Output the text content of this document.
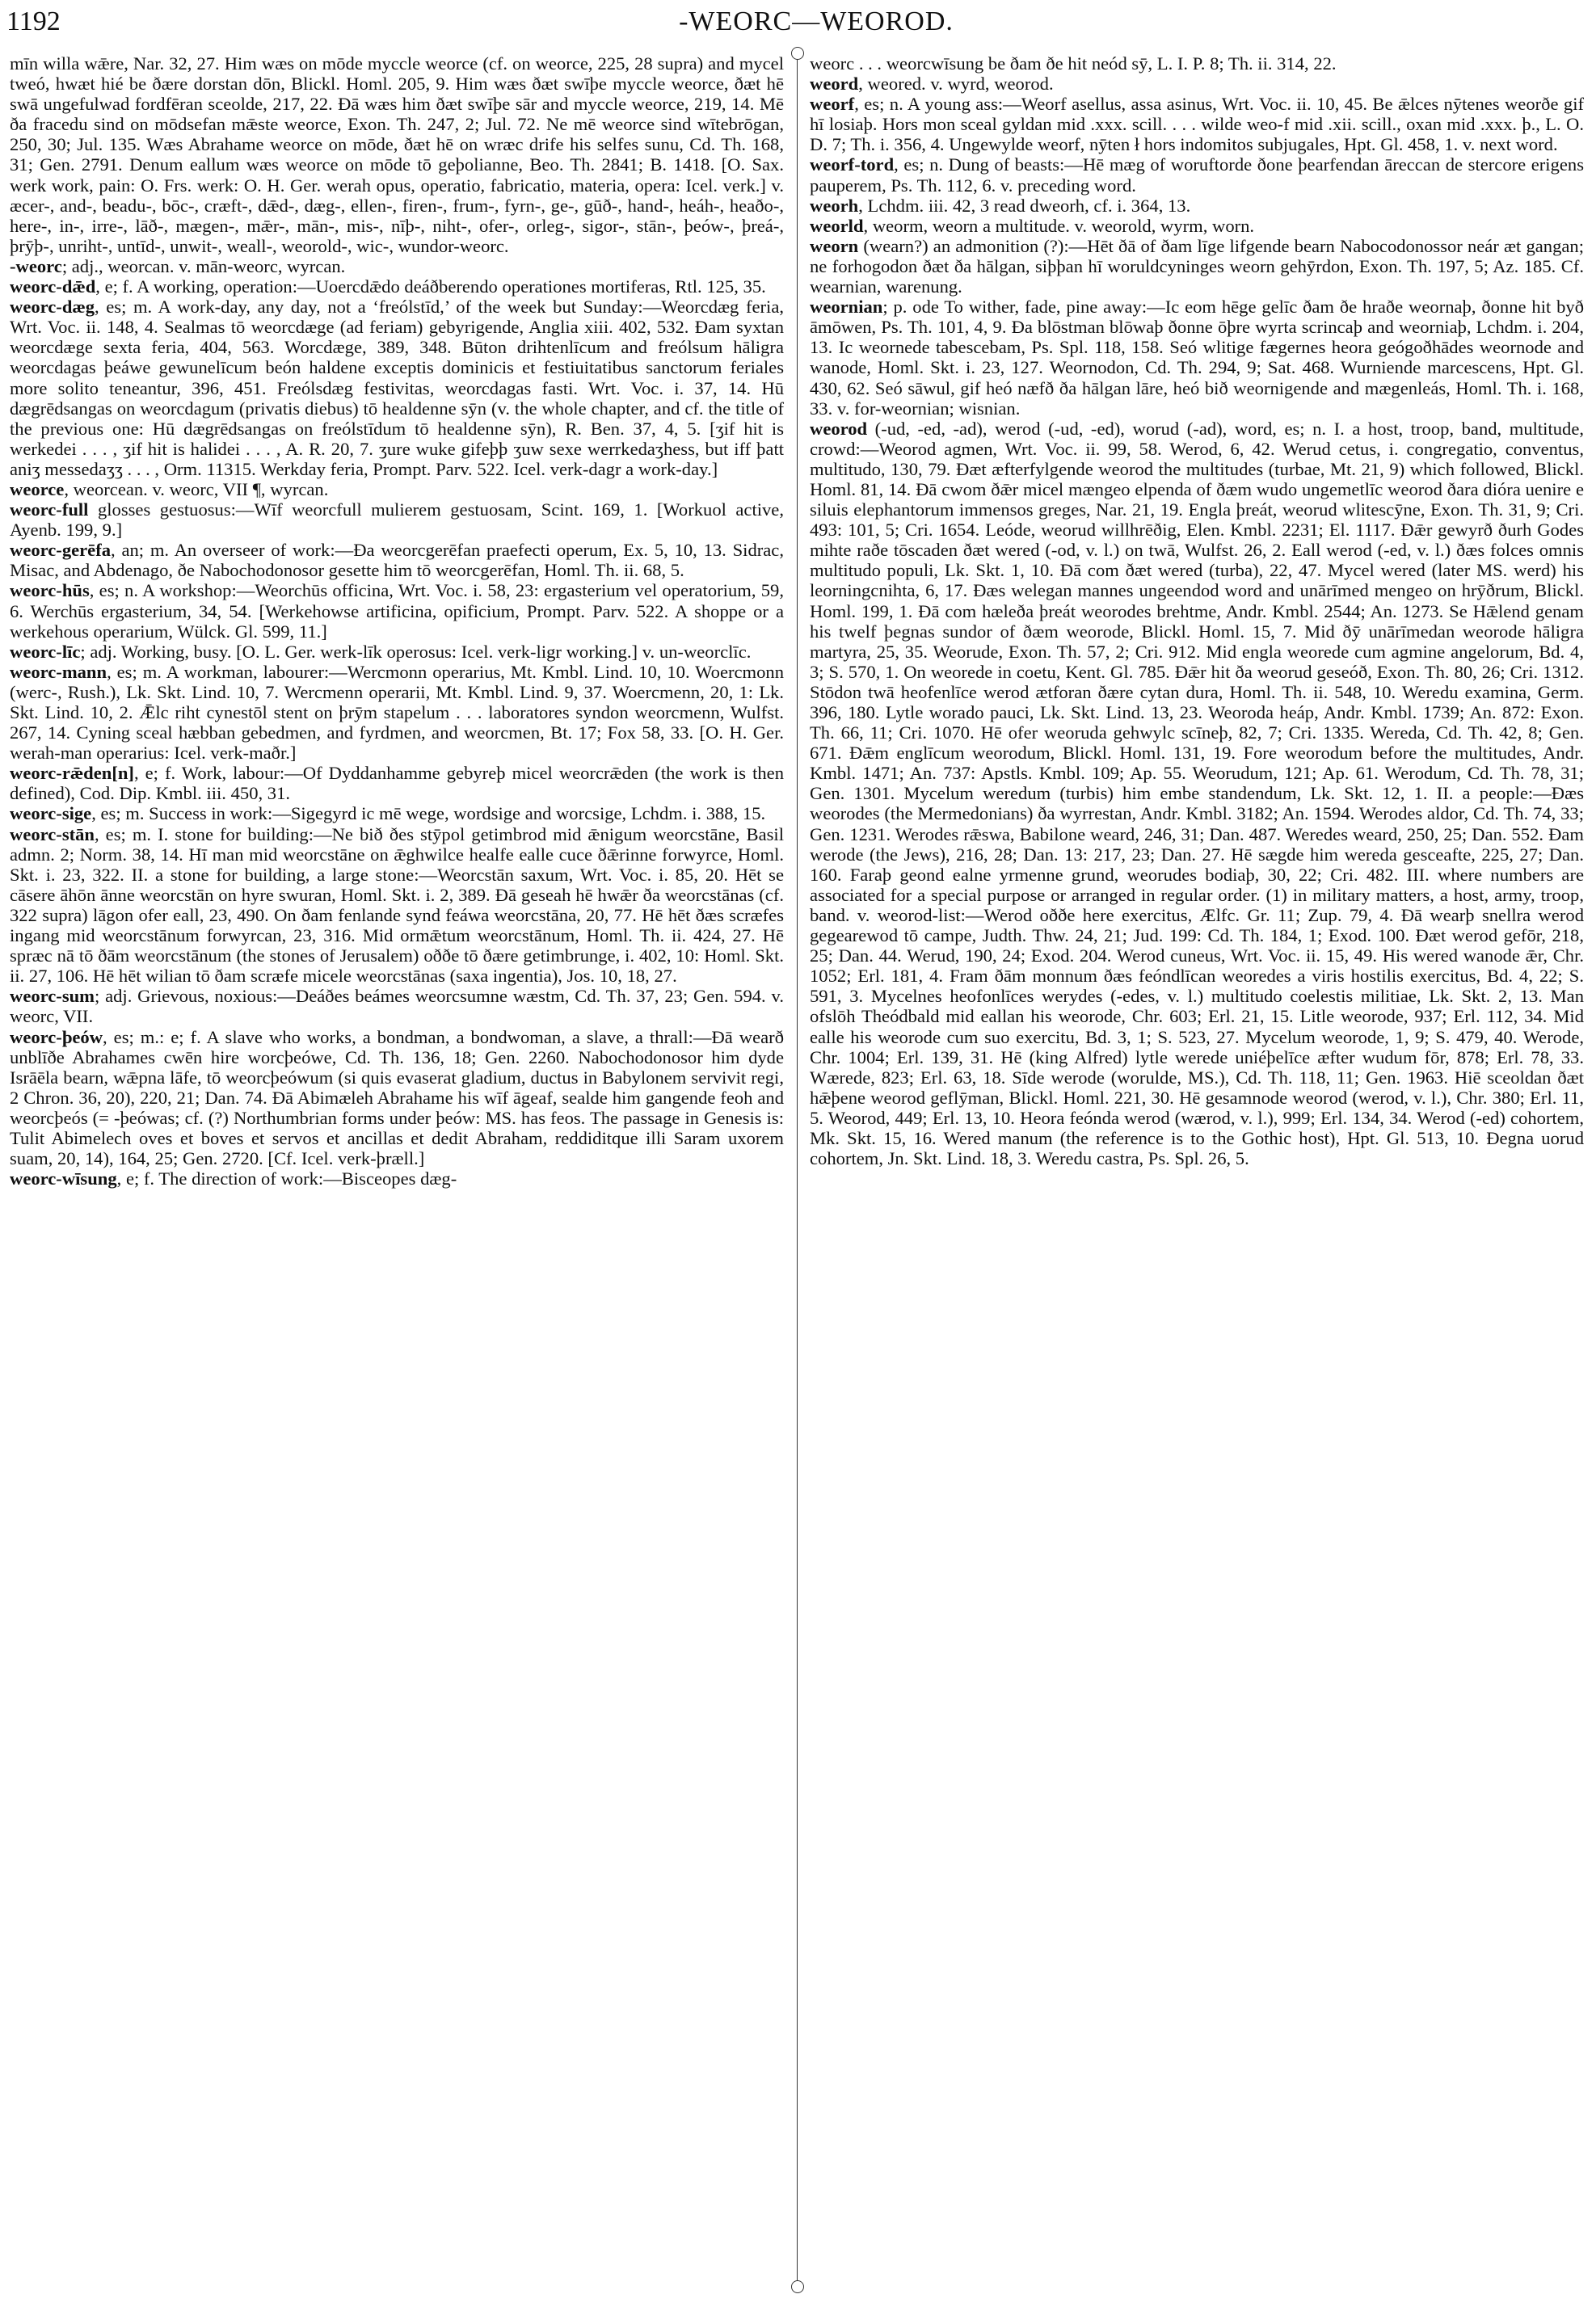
1192	-WEORC—WEOROD.

mīn willa wǣre, Nar. 32, 27. Him wæs on mōde myccle weorce (cf. on weorce, 225, 28 supra) and mycel tweó, hwæt hié be ðære dorstan dōn, Blickl. Homl. 205, 9. Him wæs ðæt swīþe myccle weorce, ðæt hē swā ungefulwad fordfēran sceolde, 217, 22. Ðā wæs him ðæt swīþe sār and myccle weorce, 219, 14. Mē ða fracedu sind on mōdsefan mǣste weorce, Exon. Th. 247, 2; Jul. 72. Ne mē weorce sind wītebrōgan, 250, 30; Jul. 135. Wæs Abrahame weorce on mōde, ðæt hē on wræc drife his selfes sunu, Cd. Th. 168, 31; Gen. 2791. Denum eallum wæs weorce on mōde tō geþolianne, Beo. Th. 2841; B. 1418. [O. Sax. werk work, pain: O. Frs. werk: O. H. Ger. werah opus, operatio, fabricatio, materia, opera: Icel. verk.] v. æcer-, and-, beadu-, bōc-, cræft-, dǣd-, dæg-, ellen-, firen-, frum-, fyrn-, ge-, gūð-, hand-, heáh-, heaðo-, here-, in-, irre-, lāð-, mægen-, mǣr-, mān-, mis-, nīþ-, niht-, ofer-, orleg-, sigor-, stān-, þeów-, þreá-, þrȳþ-, unriht-, untīd-, unwit-, weall-, weorold-, wic-, wundor-weorc.

-weorc; adj., weorcan. v. mān-weorc, wyrcan.

weorc-dǣd, e; f. A working, operation:—Uoercdǣdo deáðberendo operationes mortiferas, Rtl. 125, 35.

weorc-dæg, es; m. A work-day, any day, not a ‘freólstīd,’ of the week but Sunday:—Weorcdæg feria, Wrt. Voc. ii. 148, 4. Sealmas tō weorcdæge (ad feriam) gebyrigende, Anglia xiii. 402, 532. Ðam syxtan weorcdæge sexta feria, 404, 563. Worcdæge, 389, 348. Būton drihtenlīcum and freólsum hāligra weorcdagas þeáwe gewunelīcum beón haldene exceptis dominicis et festiuitatibus sanctorum feriales more solito teneantur, 396, 451. Freólsdæg festivitas, weorcdagas fasti. Wrt. Voc. i. 37, 14. Hū dægrēdsangas on weorcdagum (privatis diebus) tō healdenne sȳn (v. the whole chapter, and cf. the title of the previous one: Hū dægrēdsangas on freólstīdum tō healdenne sȳn), R. Ben. 37, 4, 5. [ʒif hit is werkedei . . . , ʒif hit is halidei . . . , A. R. 20, 7. ʒure wuke gifeþþ ʒuw sexe werrkedaʒhess, but iff þatt aniʒ messedaʒʒ . . . , Orm. 11315. Werkday feria, Prompt. Parv. 522. Icel. verk-dagr a work-day.]

weorce, weorcean. v. weorc, VII ¶, wyrcan.

weorc-full glosses gestuosus:—Wīf weorcfull mulierem gestuosam, Scint. 169, 1. [Workuol active, Ayenb. 199, 9.]

weorc-gerēfa, an; m. An overseer of work:—Ða weorcgerēfan praefecti operum, Ex. 5, 10, 13. Sidrac, Misac, and Abdenago, ðe Nabochodonosor gesette him tō weorcgerēfan, Homl. Th. ii. 68, 5.

weorc-hūs, es; n. A workshop:—Weorchūs officina, Wrt. Voc. i. 58, 23: ergasterium vel operatorium, 59, 6. Werchūs ergasterium, 34, 54. [Werkehowse artificina, opificium, Prompt. Parv. 522. A shoppe or a werkehous operarium, Wülck. Gl. 599, 11.]

weorc-līc; adj. Working, busy. [O. L. Ger. werk-līk operosus: Icel. verk-ligr working.] v. un-weorclīc.

weorc-mann, es; m. A workman, labourer:—Wercmonn operarius, Mt. Kmbl. Lind. 10, 10. Woercmonn (werc-, Rush.), Lk. Skt. Lind. 10, 7. Wercmenn operarii, Mt. Kmbl. Lind. 9, 37. Woercmenn, 20, 1: Lk. Skt. Lind. 10, 2. Ǣlc riht cynestōl stent on þrȳm stapelum . . . laboratores syndon weorcmenn, Wulfst. 267, 14. Cyning sceal hæbban gebedmen, and fyrdmen, and weorcmen, Bt. 17; Fox 58, 33. [O. H. Ger. werah-man operarius: Icel. verk-maðr.]

weorc-rǣden[n], e; f. Work, labour:—Of Dyddanhamme gebyreþ micel weorcrǣden (the work is then defined), Cod. Dip. Kmbl. iii. 450, 31.

weorc-sige, es; m. Success in work:—Sigegyrd ic mē wege, wordsige and worcsige, Lchdm. i. 388, 15.

weorc-stān, es; m. I. stone for building:—Ne bið ðes stȳpol getimbrod mid ǣnigum weorcstāne, Basil admn. 2; Norm. 38, 14. Hī man mid weorcstāne on ǣghwilce healfe ealle cuce ðǣrinne forwyrce, Homl. Skt. i. 23, 322. II. a stone for building, a large stone:—Weorcstān saxum, Wrt. Voc. i. 85, 20. Hēt se cāsere āhōn ānne weorcstān on hyre swuran, Homl. Skt. i. 2, 389. Ðā geseah hē hwǣr ða weorcstānas (cf. 322 supra) lāgon ofer eall, 23, 490. On ðam fenlande synd feáwa weorcstāna, 20, 77. Hē hēt ðæs scræfes ingang mid weorcstānum forwyrcan, 23, 316. Mid ormǣtum weorcstānum, Homl. Th. ii. 424, 27. Hē spræc nā tō ðām weorcstānum (the stones of Jerusalem) oððe tō ðære getimbrunge, i. 402, 10: Homl. Skt. ii. 27, 106. Hē hēt wilian tō ðam scræfe micele weorcstānas (saxa ingentia), Jos. 10, 18, 27.

weorc-sum; adj. Grievous, noxious:—Deáðes beámes weorcsumne wæstm, Cd. Th. 37, 23; Gen. 594. v. weorc, VII.

weorc-þeów, es; m.: e; f. A slave who works, a bondman, a bondwoman, a slave, a thrall:—Ðā wearð unblīðe Abrahames cwēn hire worcþeówe, Cd. Th. 136, 18; Gen. 2260. Nabochodonosor him dyde Isrāēla bearn, wǣpna lāfe, tō weorcþeówum (si quis evaserat gladium, ductus in Babylonem servivit regi, 2 Chron. 36, 20), 220, 21; Dan. 74. Ðā Abimæleh Abrahame his wīf āgeaf, sealde him gangende feoh and weorcþeós (= -þeówas; cf. (?) Northumbrian forms under þeów: MS. has feos. The passage in Genesis is: Tulit Abimelech oves et boves et servos et ancillas et dedit Abraham, reddiditque illi Saram uxorem suam, 20, 14), 164, 25; Gen. 2720. [Cf. Icel. verk-þræll.]

weorc-wīsung, e; f. The direction of work:—Bisceopes dæg-

weorc . . . weorcwīsung be ðam ðe hit neód sȳ, L. I. P. 8; Th. ii. 314, 22.

weord, weored. v. wyrd, weorod.

weorf, es; n. A young ass:—Weorf asellus, assa asinus, Wrt. Voc. ii. 10, 45. Be ǣlces nȳtenes weorðe gif hī losiaþ. Hors mon sceal gyldan mid .xxx. scill. . . . wilde weo-f mid .xii. scill., oxan mid .xxx. þ., L. O. D. 7; Th. i. 356, 4. Ungewylde weorf, nȳten ł hors indomitos subjugales, Hpt. Gl. 458, 1. v. next word.

weorf-tord, es; n. Dung of beasts:—Hē mæg of woruftorde ðone þearfendan āreccan de stercore erigens pauperem, Ps. Th. 112, 6. v. preceding word.

weorh, Lchdm. iii. 42, 3 read dweorh, cf. i. 364, 13.

weorld, weorm, weorn a multitude. v. weorold, wyrm, worn.

weorn (wearn?) an admonition (?):—Hēt ðā of ðam līge lifgende bearn Nabocodonossor neár æt gangan; ne forhogodon ðæt ða hālgan, siþþan hī woruldcyninges weorn gehȳrdon, Exon. Th. 197, 5; Az. 185. Cf. wearnian, warenung.

weornian; p. ode To wither, fade, pine away:—Ic eom hēge gelīc ðam ðe hraðe weornaþ, ðonne hit byð āmōwen, Ps. Th. 101, 4, 9. Ða blōstman blōwaþ ðonne ōþre wyrta scrincaþ and weorniaþ, Lchdm. i. 204, 13. Ic weornede tabescebam, Ps. Spl. 118, 158. Seó wlitige fægernes heora geógoðhādes weornode and wanode, Homl. Skt. i. 23, 127. Weornodon, Cd. Th. 294, 9; Sat. 468. Wurniende marcescens, Hpt. Gl. 430, 62. Seó sāwul, gif heó næfð ða hālgan lāre, heó bið weornigende and mægenleás, Homl. Th. i. 168, 33. v. for-weornian; wisnian.

weorod (-ud, -ed, -ad), werod (-ud, -ed), worud (-ad), word, es; n. I. a host, troop, band, multitude, crowd:—Weorod agmen, Wrt. Voc. ii. 99, 58. Werod, 6, 42. Werud cetus, i. congregatio, conventus, multitudo, 130, 79. Ðæt æfterfylgende weorod the multitudes (turbae, Mt. 21, 9) which followed, Blickl. Homl. 81, 14. Ðā cwom ðǣr micel mængeo elpenda of ðæm wudo ungemetlīc weorod ðara dióra uenire e siluis elephantorum immensos greges, Nar. 21, 19. Engla þreát, weorud wlitescȳne, Exon. Th. 31, 9; Cri. 493: 101, 5; Cri. 1654. Leóde, weorud willhrēðig, Elen. Kmbl. 2231; El. 1117. Ðǣr gewyrð ðurh Godes mihte raðe tōscaden ðæt wered (-od, v. l.) on twā, Wulfst. 26, 2. Eall werod (-ed, v. l.) ðæs folces omnis multitudo populi, Lk. Skt. 1, 10. Ðā com ðæt wered (turba), 22, 47. Mycel wered (later MS. werd) his leorningcnihta, 6, 17. Ðæs welegan mannes ungeendod word and unārīmed mengeo on hrȳðrum, Blickl. Homl. 199, 1. Ðā com hæleða þreát weorodes brehtme, Andr. Kmbl. 2544; An. 1273. Se Hǣlend genam his twelf þegnas sundor of ðæm weorode, Blickl. Homl. 15, 7. Mid ðȳ unārīmedan weorode hāligra martyra, 25, 35. Weorude, Exon. Th. 57, 2; Cri. 912. Mid engla weorede cum agmine angelorum, Bd. 4, 3; S. 570, 1. On weorede in coetu, Kent. Gl. 785. Ðǣr hit ða weorud geseóð, Exon. Th. 80, 26; Cri. 1312. Stōdon twā heofenlīce werod ætforan ðære cytan dura, Homl. Th. ii. 548, 10. Weredu examina, Germ. 396, 180. Lytle worado pauci, Lk. Skt. Lind. 13, 23. Weoroda heáp, Andr. Kmbl. 1739; An. 872: Exon. Th. 66, 11; Cri. 1070. Hē ofer weoruda gehwylc scīneþ, 82, 7; Cri. 1335. Wereda, Cd. Th. 42, 8; Gen. 671. Ðǣm englīcum weorodum, Blickl. Homl. 131, 19. Fore weorodum before the multitudes, Andr. Kmbl. 1471; An. 737: Apstls. Kmbl. 109; Ap. 55. Weorudum, 121; Ap. 61. Werodum, Cd. Th. 78, 31; Gen. 1301. Mycelum weredum (turbis) him embe standendum, Lk. Skt. 12, 1. II. a people:—Ðæs weorodes (the Mermedonians) ða wyrrestan, Andr. Kmbl. 3182; An. 1594. Werodes aldor, Cd. Th. 74, 33; Gen. 1231. Werodes rǣswa, Babilone weard, 246, 31; Dan. 487. Weredes weard, 250, 25; Dan. 552. Ðam werode (the Jews), 216, 28; Dan. 13: 217, 23; Dan. 27. Hē sægde him wereda gesceafte, 225, 27; Dan. 160. Faraþ geond ealne yrmenne grund, weorudes bodiaþ, 30, 22; Cri. 482. III. where numbers are associated for a special purpose or arranged in regular order. (1) in military matters, a host, army, troop, band. v. weorod-list:—Werod oððe here exercitus, Ælfc. Gr. 11; Zup. 79, 4. Ðā wearþ snellra werod gegearewod tō campe, Judth. Thw. 24, 21; Jud. 199: Cd. Th. 184, 1; Exod. 100. Ðæt werod gefōr, 218, 25; Dan. 44. Werud, 190, 24; Exod. 204. Werod cuneus, Wrt. Voc. ii. 15, 49. His wered wanode ǣr, Chr. 1052; Erl. 181, 4. Fram ðām monnum ðæs feóndlīcan weoredes a viris hostilis exercitus, Bd. 4, 22; S. 591, 3. Mycelnes heofonlīces werydes (-edes, v. l.) multitudo coelestis militiae, Lk. Skt. 2, 13. Man ofslōh Theódbald mid eallan his weorode, Chr. 603; Erl. 21, 15. Litle weorode, 937; Erl. 112, 34. Mid ealle his weorode cum suo exercitu, Bd. 3, 1; S. 523, 27. Mycelum weorode, 1, 9; S. 479, 40. Werode, Chr. 1004; Erl. 139, 31. Hē (king Alfred) lytle werede uniéþelīce æfter wudum fōr, 878; Erl. 78, 33. Wærede, 823; Erl. 63, 18. Sīde werode (worulde, MS.), Cd. Th. 118, 11; Gen. 1963. Hiē sceoldan ðæt hǣþene weorod geflȳman, Blickl. Homl. 221, 30. Hē gesamnode weorod (werod, v. l.), Chr. 380; Erl. 11, 5. Weorod, 449; Erl. 13, 10. Heora feónda werod (wærod, v. l.), 999; Erl. 134, 34. Werod (-ed) cohortem, Mk. Skt. 15, 16. Wered manum (the reference is to the Gothic host), Hpt. Gl. 513, 10. Ðegna uorud cohortem, Jn. Skt. Lind. 18, 3. Weredu castra, Ps. Spl. 26, 5.
